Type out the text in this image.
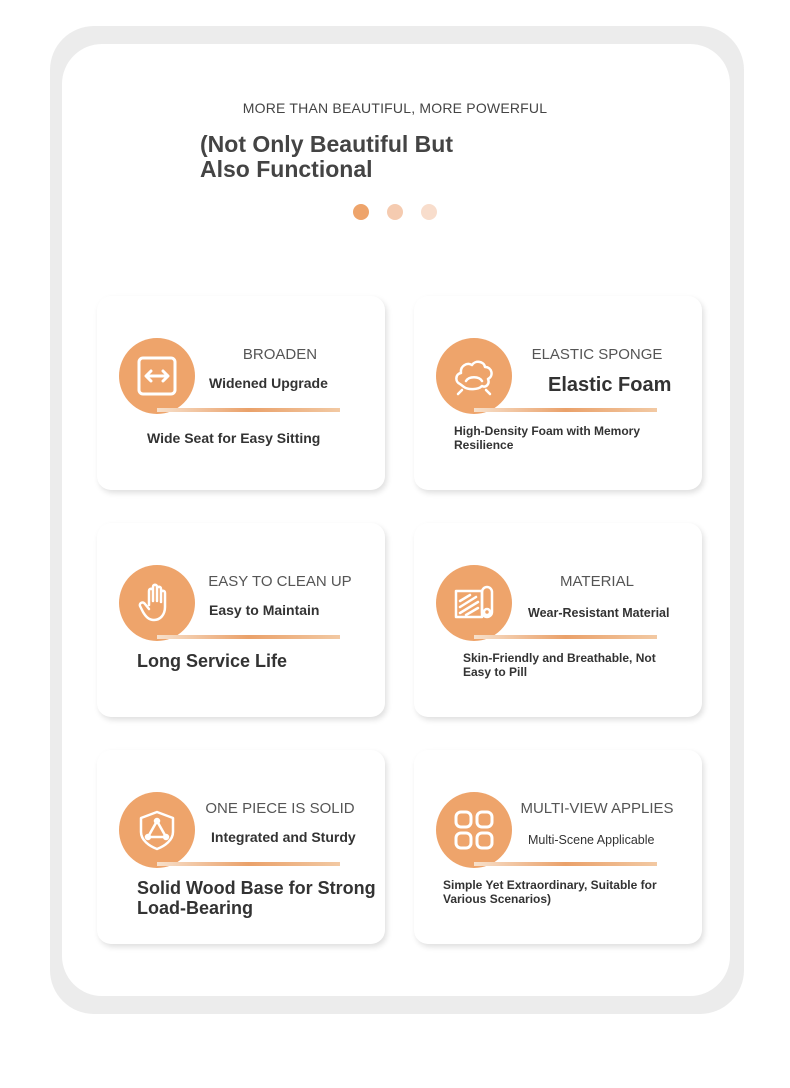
MORE THAN BEAUTIFUL, MORE POWERFUL
(Not Only Beautiful But Also Functional
BROADEN
Widened Upgrade
Wide Seat for Easy Sitting
ELASTIC SPONGE
Elastic Foam
High-Density Foam with Memory Resilience
EASY TO CLEAN UP
Easy to Maintain
Long Service Life
MATERIAL
Wear-Resistant Material
Skin-Friendly and Breathable, Not Easy to Pill
ONE PIECE IS SOLID
Integrated and Sturdy
Solid Wood Base for Strong Load-Bearing
MULTI-VIEW APPLIES
Multi-Scene Applicable
Simple Yet Extraordinary, Suitable for Various Scenarios)
